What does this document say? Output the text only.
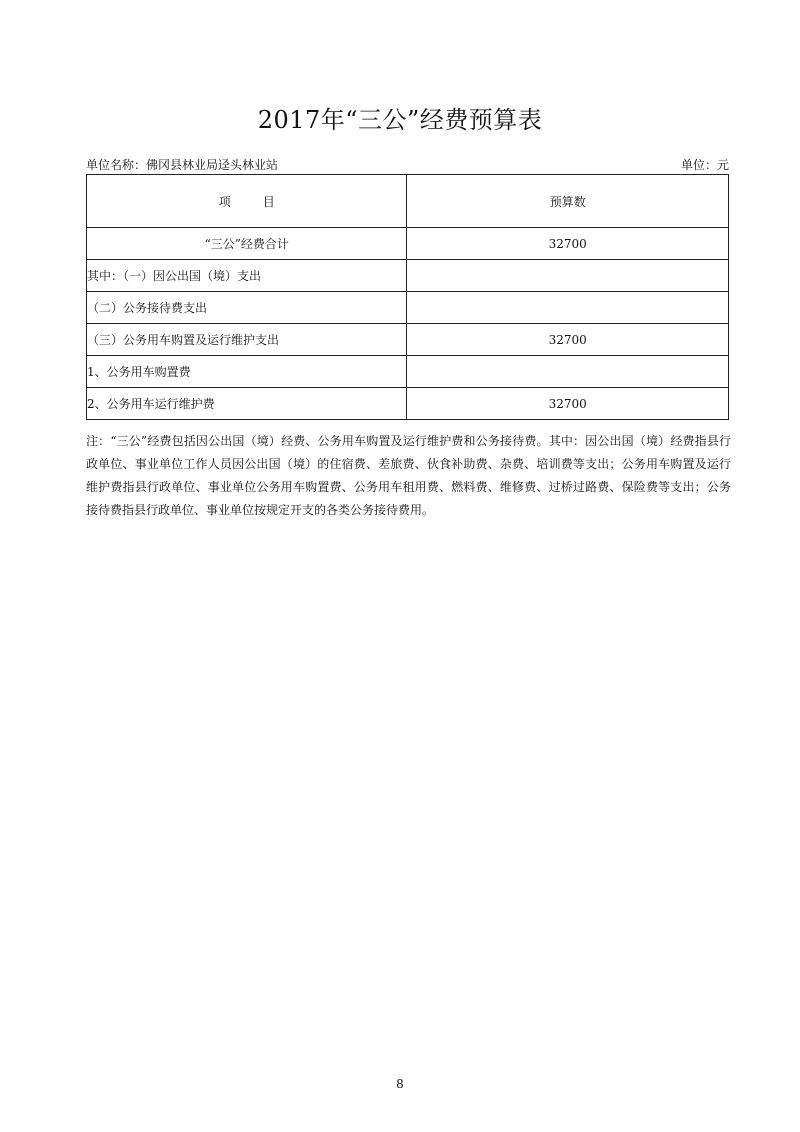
2017年“三公”经费预算表
单位名称：佛冈县林业局迳头林业站	单位：元
项 目	预算数
“三公”经费合计	32700
其中：（一）因公出国（境）支出	
（二）公务接待费支出	
（三）公务用车购置及运行维护支出	32700
1、公务用车购置费	
2、公务用车运行维护费	32700

注：“三公”经费包括因公出国（境）经费、公务用车购置及运行维护费和公务接待费。其中：因公出国（境）经费指县行政单位、事业单位工作人员因公出国（境）的住宿费、差旅费、伙食补助费、杂费、培训费等支出；公务用车购置及运行维护费指县行政单位、事业单位公务用车购置费、公务用车租用费、燃料费、维修费、过桥过路费、保险费等支出；公务接待费指县行政单位、事业单位按规定开支的各类公务接待费用。

8
